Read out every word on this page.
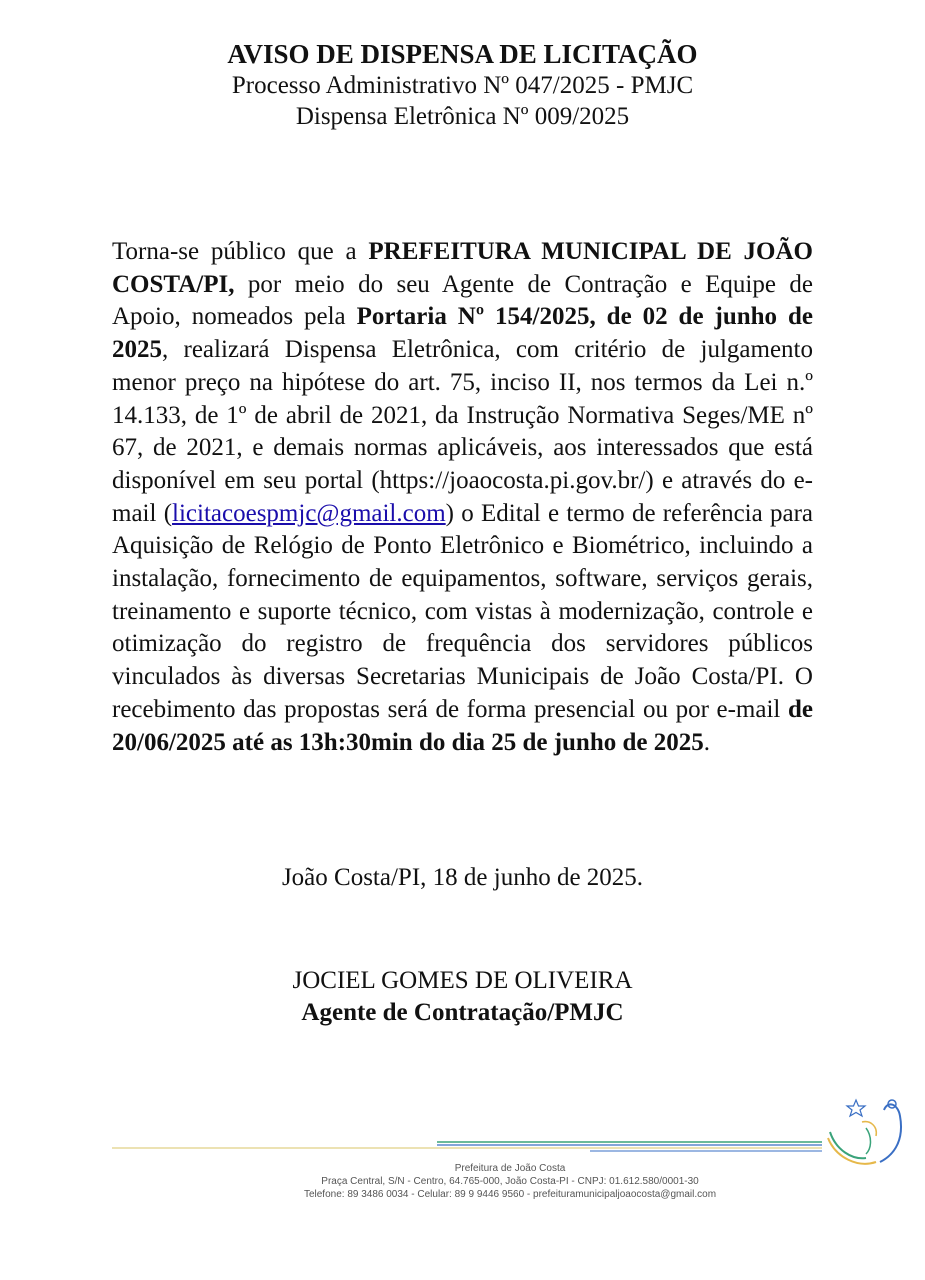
AVISO DE DISPENSA DE LICITAÇÃO
Processo Administrativo Nº 047/2025 - PMJC
Dispensa Eletrônica Nº 009/2025
Torna-se público que a PREFEITURA MUNICIPAL DE JOÃO COSTA/PI, por meio do seu Agente de Contração e Equipe de Apoio, nomeados pela Portaria Nº 154/2025, de 02 de junho de 2025, realizará Dispensa Eletrônica, com critério de julgamento menor preço na hipótese do art. 75, inciso II, nos termos da Lei n.º 14.133, de 1º de abril de 2021, da Instrução Normativa Seges/ME nº 67, de 2021, e demais normas aplicáveis, aos interessados que está disponível em seu portal (https://joaocosta.pi.gov.br/) e através do e-mail (licitacoespmjc@gmail.com) o Edital e termo de referência para Aquisição de Relógio de Ponto Eletrônico e Biométrico, incluindo a instalação, fornecimento de equipamentos, software, serviços gerais, treinamento e suporte técnico, com vistas à modernização, controle e otimização do registro de frequência dos servidores públicos vinculados às diversas Secretarias Municipais de João Costa/PI. O recebimento das propostas será de forma presencial ou por e-mail de 20/06/2025 até as 13h:30min do dia 25 de junho de 2025.
João Costa/PI, 18 de junho de 2025.
JOCIEL GOMES DE OLIVEIRA
Agente de Contratação/PMJC
Prefeitura de João Costa
Praça Central, S/N - Centro, 64.765-000, João Costa-PI - CNPJ: 01.612.580/0001-30
Telefone: 89 3486 0034 - Celular: 89 9 9446 9560 - prefeituramunicipaljoaocosta@gmail.com
